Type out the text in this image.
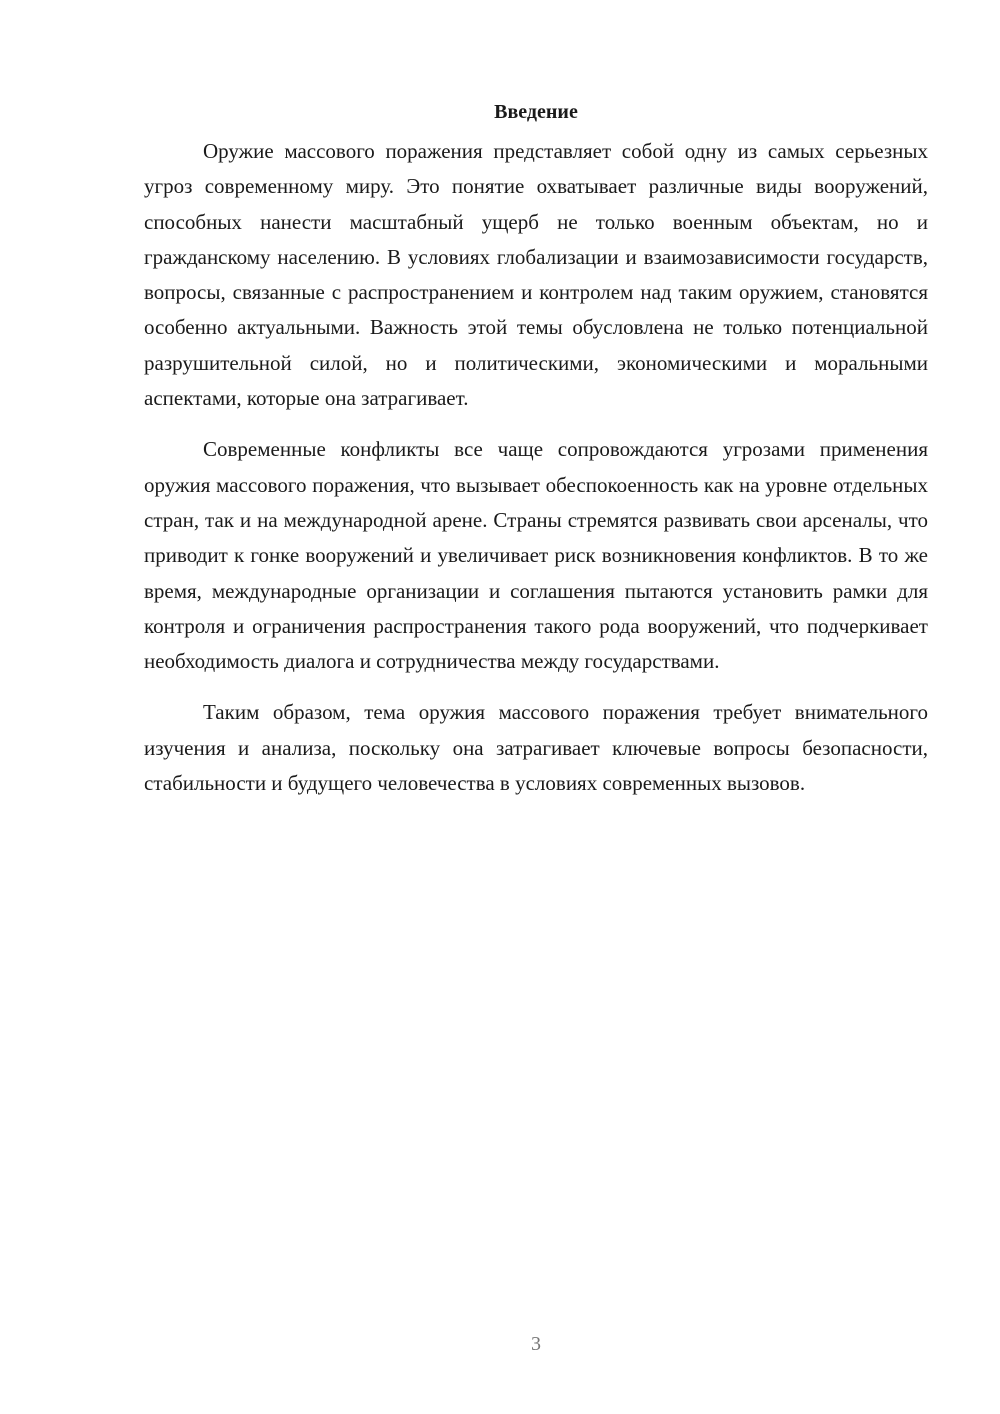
Введение

Оружие массового поражения представляет собой одну из самых серьезных угроз современному миру. Это понятие охватывает различные виды вооружений, способных нанести масштабный ущерб не только военным объектам, но и гражданскому населению. В условиях глобализации и взаимозависимости государств, вопросы, связанные с распространением и контролем над таким оружием, становятся особенно актуальными. Важность этой темы обусловлена не только потенциальной разрушительной силой, но и политическими, экономическими и моральными аспектами, которые она затрагивает.

Современные конфликты все чаще сопровождаются угрозами применения оружия массового поражения, что вызывает обеспокоенность как на уровне отдельных стран, так и на международной арене. Страны стремятся развивать свои арсеналы, что приводит к гонке вооружений и увеличивает риск возникновения конфликтов. В то же время, международные организации и соглашения пытаются установить рамки для контроля и ограничения распространения такого рода вооружений, что подчеркивает необходимость диалога и сотрудничества между государствами.

Таким образом, тема оружия массового поражения требует внимательного изучения и анализа, поскольку она затрагивает ключевые вопросы безопасности, стабильности и будущего человечества в условиях современных вызовов.

3
